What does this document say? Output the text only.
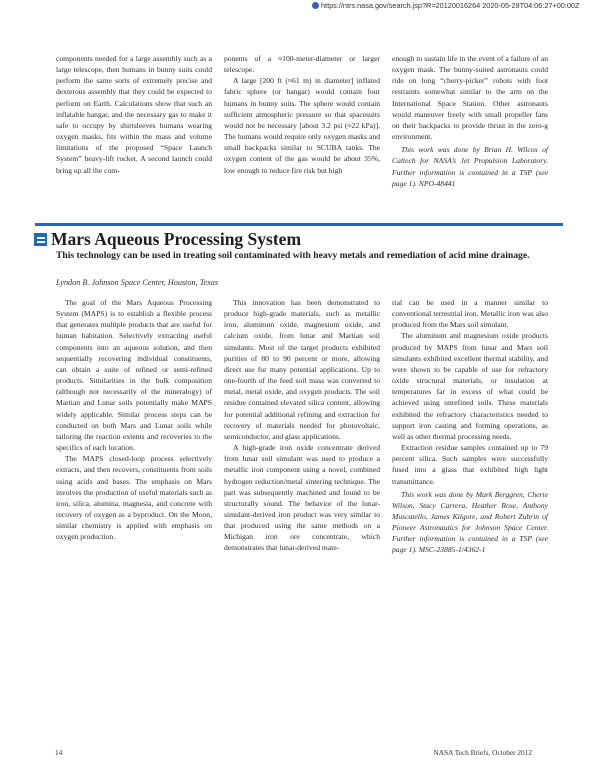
https://ntrs.nasa.gov/search.jsp?R=20120016264 2020-05-29T04:06:27+00:00Z

components needed for a large assembly such as a large telescope, then humans in bunny suits could perform the same sorts of extremely precise and dexterous assembly that they could be expected to perform on Earth. Calculations show that such an inflatable hangar, and the necessary gas to make it safe to occupy by shirtsleeves humans wearing oxygen masks, fits within the mass and volume limitations of the proposed “Space Launch System” heavy-lift rocket. A second launch could bring up all the com-

ponents of a ≈100-meter-diameter or larger telescope.

A large [200 ft (≈61 m) in diameter] inflated fabric sphere (or hangar) would contain four humans in bunny suits. The sphere would contain sufficient atmospheric pressure so that spacesuits would not be necessary [about 3.2 psi (≈22 kPa)]. The humans would require only oxygen masks and small backpacks similar to SCUBA tanks. The oxygen content of the gas would be about 35%, low enough to reduce fire risk but high

enough to sustain life in the event of a failure of an oxygen mask. The bunny-suited astronauts could ride on long “cherry-picker” robots with foot restraints somewhat similar to the arm on the International Space Station. Other astronauts would maneuver freely with small propeller fans on their backpacks to provide thrust in the zero-g environment.

This work was done by Brian H. Wilcox of Caltech for NASA’s Jet Propulsion Laboratory. Further information is contained in a TSP (see page 1). NPO-48441

Mars Aqueous Processing System
This technology can be used in treating soil contaminated with heavy metals and remediation of acid mine drainage.
Lyndon B. Johnson Space Center, Houston, Texas

The goal of the Mars Aqueous Processing System (MAPS) is to establish a flexible process that generates multiple products that are useful for human habitation. Selectively extracting useful components into an aqueous solution, and then sequentially recovering individual constituents, can obtain a suite of refined or semi-refined products. Similarities in the bulk composition (although not necessarily of the mineralogy) of Martian and Lunar soils potentially make MAPS widely applicable. Similar process steps can be conducted on both Mars and Lunar soils while tailoring the reaction extents and recoveries to the specifics of each location.

The MAPS closed-loop process selectively extracts, and then recovers, constituents from soils using acids and bases. The emphasis on Mars involves the production of useful materials such as iron, silica, alumina, magnesia, and concrete with recovery of oxygen as a byproduct. On the Moon, similar chemistry is applied with emphasis on oxygen production.

This innovation has been demonstrated to produce high-grade materials, such as metallic iron, aluminum oxide, magnesium oxide, and calcium oxide, from lunar and Martian soil simulants. Most of the target products exhibited purities of 80 to 90 percent or more, allowing direct use for many potential applications. Up to one-fourth of the feed soil mass was converted to metal, metal oxide, and oxygen products. The soil residue contained elevated silica content, allowing for potential additional refining and extraction for recovery of materials needed for photovoltaic, semiconductor, and glass applications.

A high-grade iron oxide concentrate derived from lunar soil simulant was used to produce a metallic iron component using a novel, combined hydrogen reduction/metal sintering technique. The part was subsequently machined and found to be structurally sound. The behavior of the lunar-simulant-derived iron product was very similar to that produced using the same methods on a Michigan iron ore concentrate, which demonstrates that lunar-derived mate-

rial can be used in a manner similar to conventional terrestrial iron. Metallic iron was also produced from the Mars soil simulant.

The aluminum and magnesium oxide products produced by MAPS from lunar and Mars soil simulants exhibited excellent thermal stability, and were shown to be capable of use for refractory oxide structural materials, or insulation at temperatures far in excess of what could be achieved using unrefined soils. These materials exhibited the refractory characteristics needed to support iron casting and forming operations, as well as other thermal processing needs.

Extraction residue samples contained up to 79 percent silica. Such samples were successfully fused into a glass that exhibited high light transmittance.

This work was done by Mark Berggren, Cherie Wilson, Stacy Carrera, Heather Rose, Anthony Muscatello, James Kilgore, and Robert Zubrin of Pioneer Astronautics for Johnson Space Center. Further information is contained in a TSP (see page 1). MSC-23885-1/4362-1

14	NASA Tech Briefs, October 2012
